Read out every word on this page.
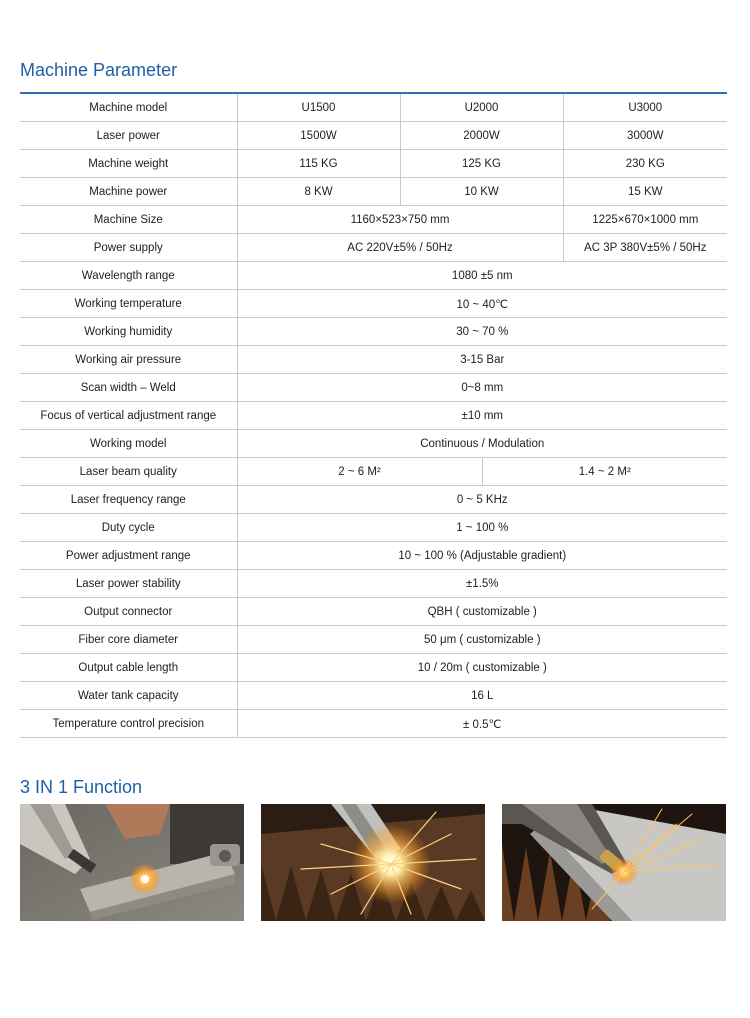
Machine Parameter
Machine model	U1500	U2000		U3000
Laser power	1500W	2000W		3000W
Machine weight	115 KG	125 KG		230 KG
Machine power	8 KW	10 KW		15 KW
Machine Size	1160×523×750 mm			1225×670×1000 mm
Power supply	AC 220V±5% / 50Hz			AC 3P 380V±5% / 50Hz
Wavelength range	1080 ±5 nm			
Working temperature	10 ~ 40℃			
Working humidity	30 ~ 70 %			
Working air pressure	3-15 Bar			
Scan width – Weld	0~8 mm			
Focus of vertical adjustment range	±10 mm			
Working model	Continuous / Modulation			
Laser beam quality	2 ~ 6 M²		1.4 ~ 2 M²	
Laser frequency range	0 ~ 5 KHz			
Duty cycle	1 ~ 100 %			
Power adjustment range	10 ~ 100 % (Adjustable gradient)			
Laser power stability	±1.5%			
Output connector	QBH ( customizable )			
Fiber core diameter	50 μm ( customizable )			
Output cable length	10 / 20m ( customizable )			
Water tank capacity	16 L			
Temperature control precision	± 0.5℃			
3 IN 1 Function
